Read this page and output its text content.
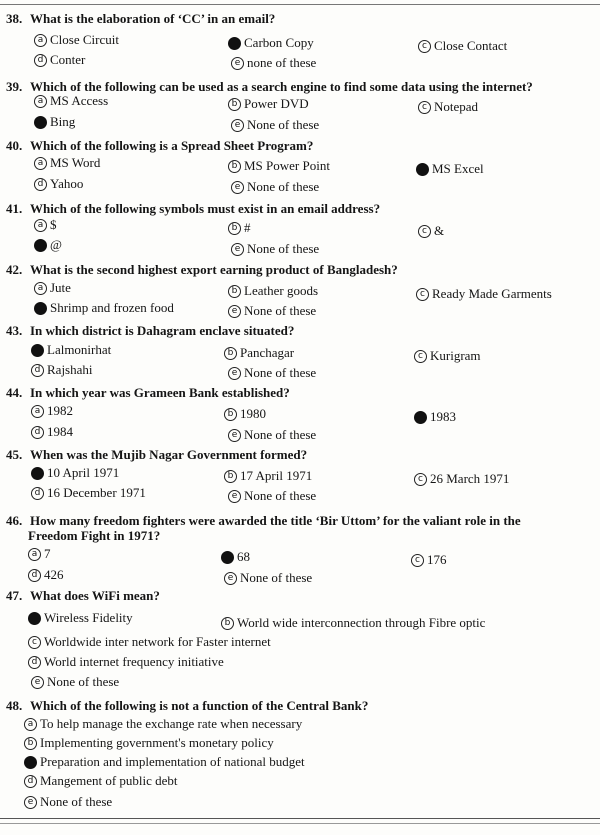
38. What is the elaboration of ‘CC’ in an email?
a Close Circuit	Carbon Copy	c Close Contact
d Conter	e none of these
39. Which of the following can be used as a search engine to find some data using the internet?
a MS Access	b Power DVD	c Notepad
Bing	e None of these
40. Which of the following is a Spread Sheet Program?
a MS Word	b MS Power Point	MS Excel
d Yahoo	e None of these
41. Which of the following symbols must exist in an email address?
a $	b #	c &
@	e None of these
42. What is the second highest export earning product of Bangladesh?
a Jute	b Leather goods	c Ready Made Garments
Shrimp and frozen food	e None of these
43. In which district is Dahagram enclave situated?
Lalmonirhat	b Panchagar	c Kurigram
d Rajshahi	e None of these
44. In which year was Grameen Bank established?
a 1982	b 1980	1983
d 1984	e None of these
45. When was the Mujib Nagar Government formed?
10 April 1971	b 17 April 1971	c 26 March 1971
d 16 December 1971	e None of these
46. How many freedom fighters were awarded the title ‘Bir Uttom’ for the valiant role in the
Freedom Fight in 1971?
a 7	68	c 176
d 426	e None of these
47. What does WiFi mean?
Wireless Fidelity	b World wide interconnection through Fibre optic
c Worldwide inter network for Faster internet
d World internet frequency initiative
e None of these
48. Which of the following is not a function of the Central Bank?
a To help manage the exchange rate when necessary
b Implementing government's monetary policy
Preparation and implementation of national budget
d Mangement of public debt
e None of these
